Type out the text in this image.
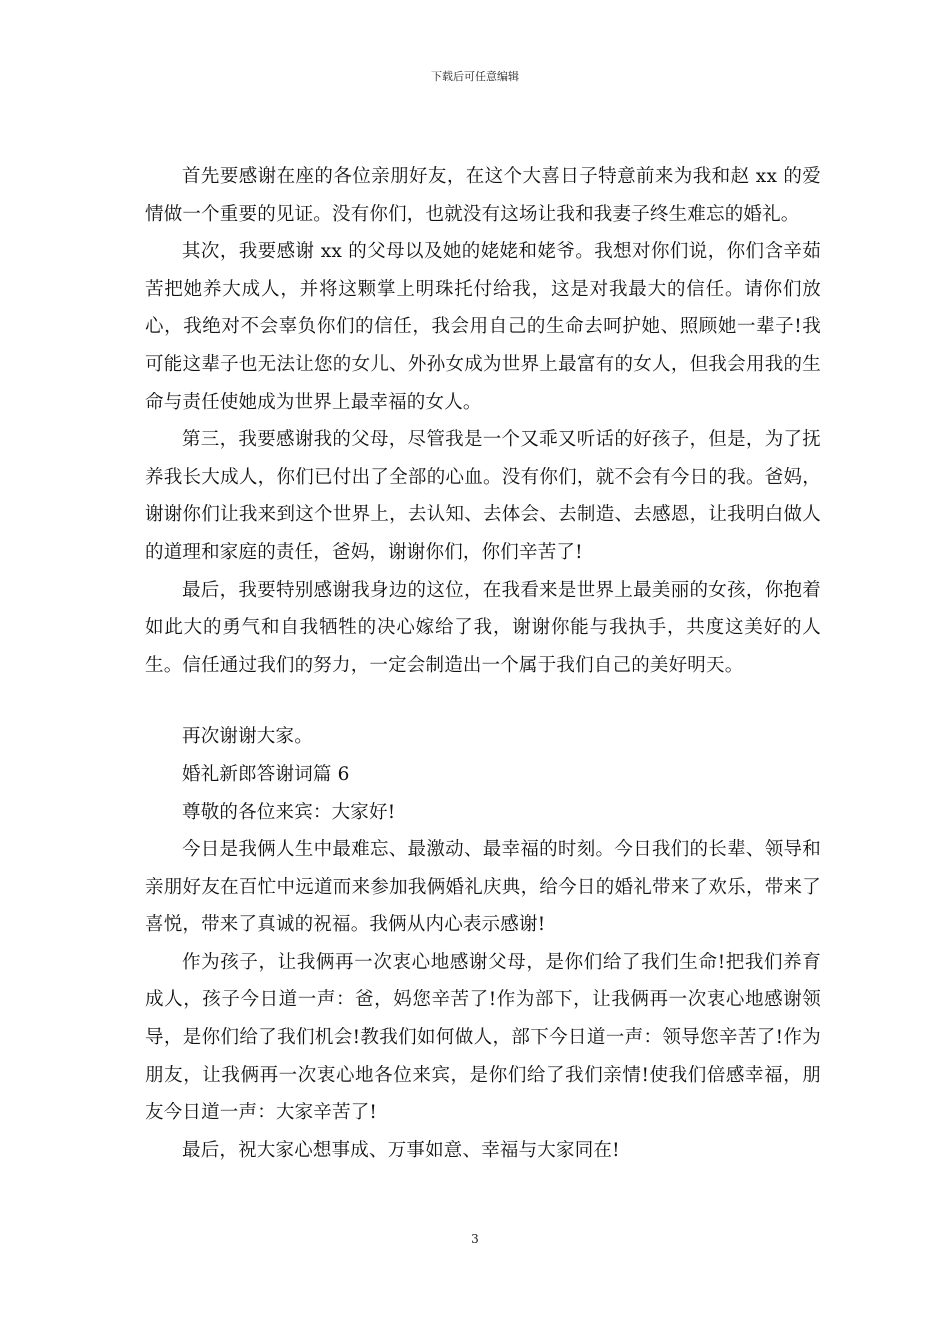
下载后可任意编辑

首先要感谢在座的各位亲朋好友，在这个大喜日子特意前来为我和赵 xx 的爱情做一个重要的见证。没有你们，也就没有这场让我和我妻子终生难忘的婚礼。

其次，我要感谢 xx 的父母以及她的姥姥和姥爷。我想对你们说，你们含辛茹苦把她养大成人，并将这颗掌上明珠托付给我，这是对我最大的信任。请你们放心，我绝对不会辜负你们的信任，我会用自己的生命去呵护她、照顾她一辈子!我可能这辈子也无法让您的女儿、外孙女成为世界上最富有的女人，但我会用我的生命与责任使她成为世界上最幸福的女人。

第三，我要感谢我的父母，尽管我是一个又乖又听话的好孩子，但是，为了抚养我长大成人，你们已付出了全部的心血。没有你们，就不会有今日的我。爸妈，谢谢你们让我来到这个世界上，去认知、去体会、去制造、去感恩，让我明白做人的道理和家庭的责任，爸妈，谢谢你们，你们辛苦了!

最后，我要特别感谢我身边的这位，在我看来是世界上最美丽的女孩，你抱着如此大的勇气和自我牺牲的决心嫁给了我，谢谢你能与我执手，共度这美好的人生。信任通过我们的努力，一定会制造出一个属于我们自己的美好明天。

再次谢谢大家。

婚礼新郎答谢词篇 6

尊敬的各位来宾：大家好!

今日是我俩人生中最难忘、最激动、最幸福的时刻。今日我们的长辈、领导和亲朋好友在百忙中远道而来参加我俩婚礼庆典，给今日的婚礼带来了欢乐，带来了喜悦，带来了真诚的祝福。我俩从内心表示感谢!

作为孩子，让我俩再一次衷心地感谢父母，是你们给了我们生命!把我们养育成人，孩子今日道一声：爸，妈您辛苦了!作为部下，让我俩再一次衷心地感谢领导，是你们给了我们机会!教我们如何做人，部下今日道一声：领导您辛苦了!作为朋友，让我俩再一次衷心地各位来宾，是你们给了我们亲情!使我们倍感幸福，朋友今日道一声：大家辛苦了!

最后，祝大家心想事成、万事如意、幸福与大家同在!

3
